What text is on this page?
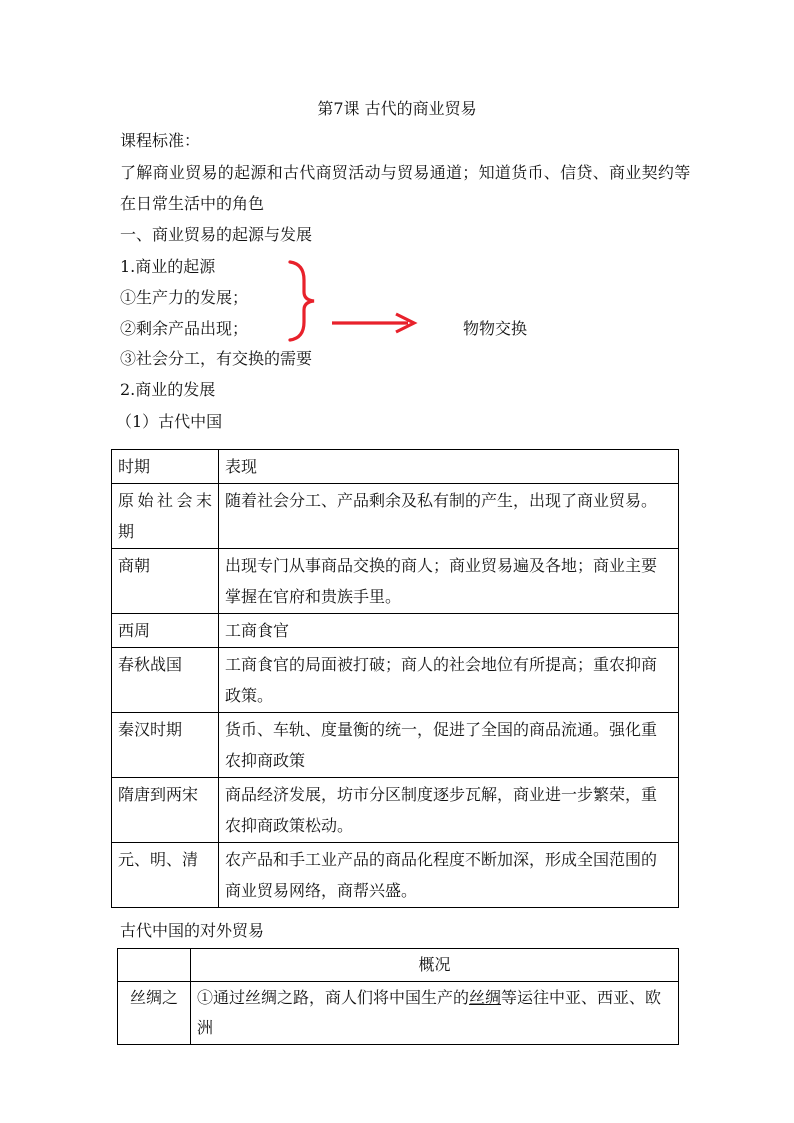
第7课 古代的商业贸易
课程标准：
了解商业贸易的起源和古代商贸活动与贸易通道；知道货币、信贷、商业契约等
在日常生活中的角色
一、商业贸易的起源与发展
1.商业的起源
①生产力的发展；
②剩余产品出现；
③社会分工，有交换的需要
物物交换
2.商业的发展
（1）古代中国
时期	表现
原始社会末期	随着社会分工、产品剩余及私有制的产生，出现了商业贸易。
商朝	出现专门从事商品交换的商人；商业贸易遍及各地；商业主要掌握在官府和贵族手里。
西周	工商食官
春秋战国	工商食官的局面被打破；商人的社会地位有所提高；重农抑商政策。
秦汉时期	货币、车轨、度量衡的统一，促进了全国的商品流通。强化重农抑商政策
隋唐到两宋	商品经济发展，坊市分区制度逐步瓦解，商业进一步繁荣，重农抑商政策松动。
元、明、清	农产品和手工业产品的商品化程度不断加深，形成全国范围的商业贸易网络，商帮兴盛。
古代中国的对外贸易
	概况
丝绸之	①通过丝绸之路，商人们将中国生产的丝绸等运往中亚、西亚、欧洲
